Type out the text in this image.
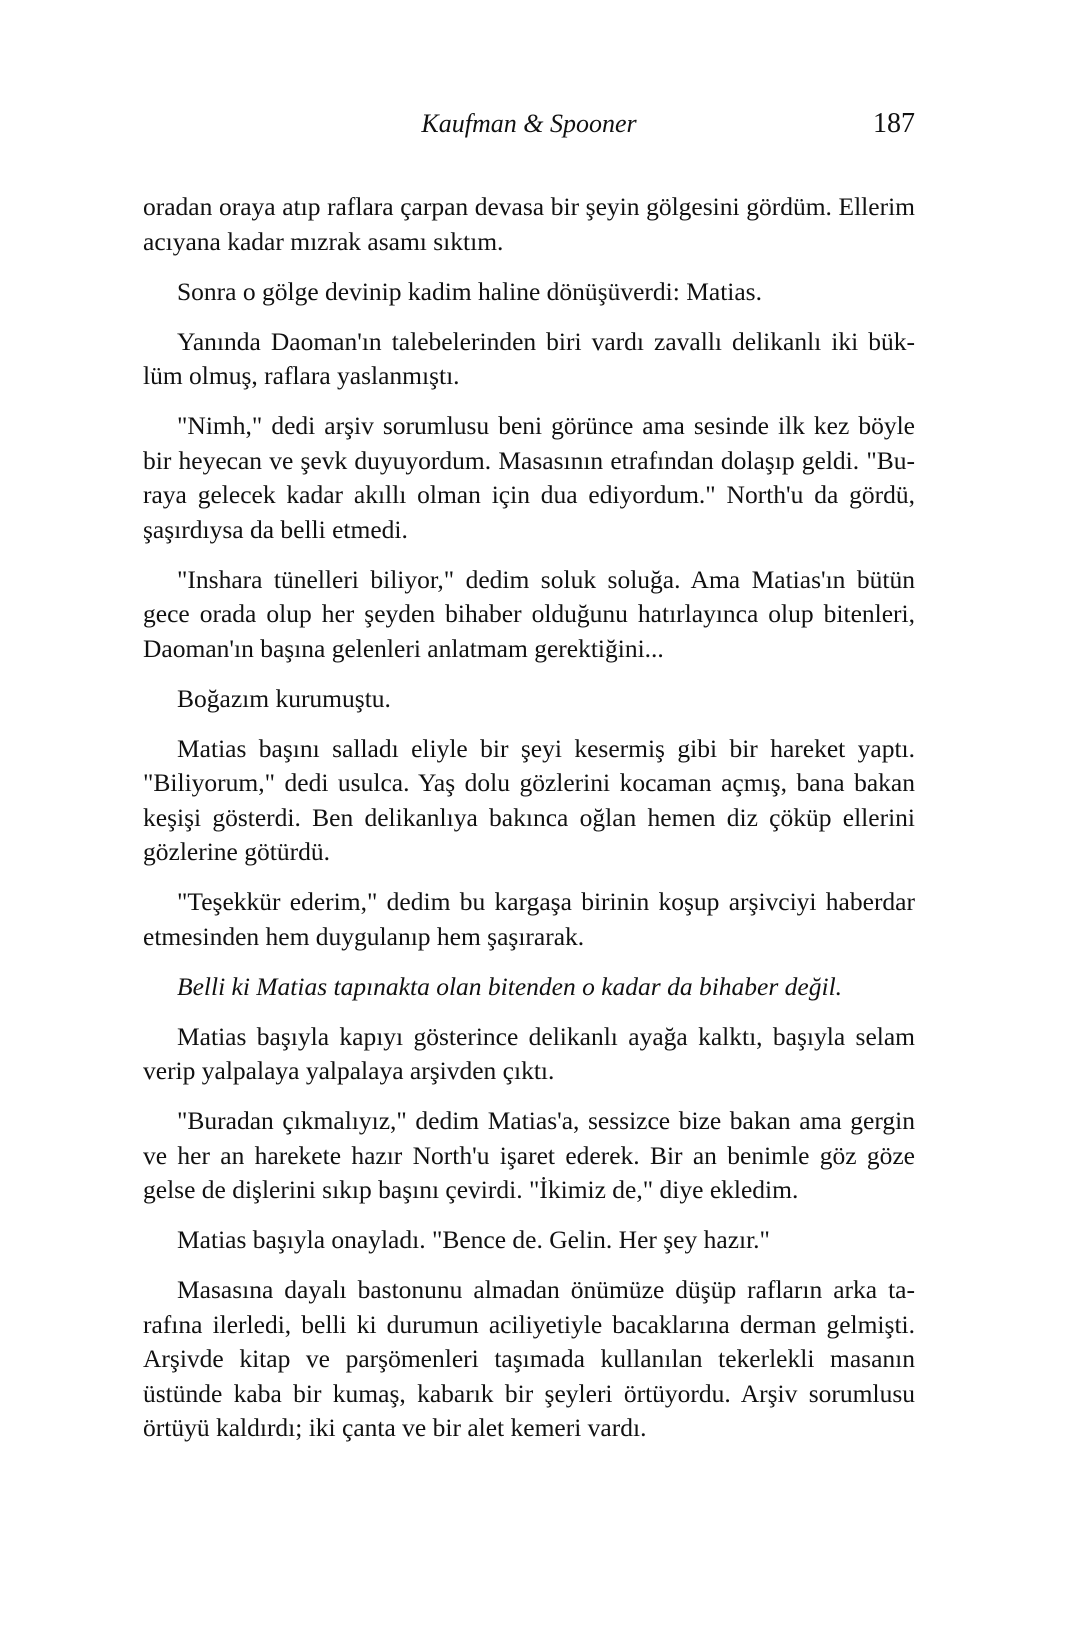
Kaufman & Spooner	187

oradan oraya atıp raflara çarpan devasa bir şeyin gölgesini gördüm. Ellerim acıyana kadar mızrak asamı sıktım.

Sonra o gölge devinip kadim haline dönüşüverdi: Matias.

Yanında Daoman'ın talebelerinden biri vardı zavallı delikanlı iki büklüm olmuş, raflara yaslanmıştı.

"Nimh," dedi arşiv sorumlusu beni görünce ama sesinde ilk kez böyle bir heyecan ve şevk duyuyordum. Masasının etrafından dolaşıp geldi. "Buraya gelecek kadar akıllı olman için dua ediyordum." North'u da gördü, şaşırdıysa da belli etmedi.

"Inshara tünelleri biliyor," dedim soluk soluğa. Ama Matias'ın bütün gece orada olup her şeyden bihaber olduğunu hatırlayınca olup bitenleri, Daoman'ın başına gelenleri anlatmam gerektiğini...

Boğazım kurumuştu.

Matias başını salladı eliyle bir şeyi kesermiş gibi bir hareket yaptı. "Biliyorum," dedi usulca. Yaş dolu gözlerini kocaman açmış, bana bakan keşişi gösterdi. Ben delikanlıya bakınca oğlan hemen diz çöküp ellerini gözlerine götürdü.

"Teşekkür ederim," dedim bu kargaşa birinin koşup arşivciyi haberdar etmesinden hem duygulanıp hem şaşırarak.

Belli ki Matias tapınakta olan bitenden o kadar da bihaber değil.

Matias başıyla kapıyı gösterince delikanlı ayağa kalktı, başıyla selam verip yalpalaya yalpalaya arşivden çıktı.

"Buradan çıkmalıyız," dedim Matias'a, sessizce bize bakan ama gergin ve her an harekete hazır North'u işaret ederek. Bir an benimle göz göze gelse de dişlerini sıkıp başını çevirdi. "İkimiz de," diye ekledim.

Matias başıyla onayladı. "Bence de. Gelin. Her şey hazır."

Masasına dayalı bastonunu almadan önümüze düşüp rafların arka tarafına ilerledi, belli ki durumun aciliyetiyle bacaklarına derman gelmişti. Arşivde kitap ve parşömenleri taşımada kullanılan tekerlekli masanın üstünde kaba bir kumaş, kabarık bir şeyleri örtüyordu. Arşiv sorumlusu örtüyü kaldırdı; iki çanta ve bir alet kemeri vardı.
